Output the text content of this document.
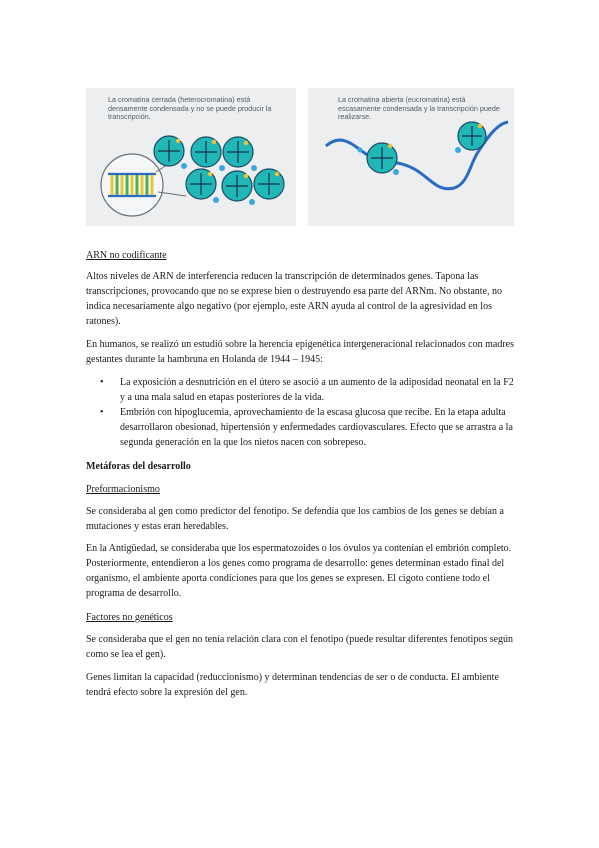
La cromatina cerrada (heterocromatina) está densamente condensada y no se puede producir la transcripción.
La cromatina abierta (eucromatina) está escasamente condensada y la transcripción puede realizarse.

ARN no codificante

Altos niveles de ARN de interferencia reducen la transcripción de determinados genes. Tapona las transcripciones, provocando que no se exprese bien o destruyendo esa parte del ARNm. No obstante, no indica necesariamente algo negativo (por ejemplo, este ARN ayuda al control de la agresividad en los ratones).

En humanos, se realizó un estudió sobre la herencia epigenética intergeneracional relacionados con madres gestantes durante la hambruna en Holanda de 1944 – 1945:

• La exposición a desnutrición en el útero se asoció a un aumento de la adiposidad neonatal en la F2 y a una mala salud en etapas posteriores de la vida.
• Embrión con hipoglucemia, aprovechamiento de la escasa glucosa que recibe. En la etapa adulta desarrollaron obesionad, hipertensión y enfermedades cardiovasculares. Efecto que se arrastra a la segunda generación en la que los nietos nacen con sobrepeso.

Metáforas del desarrollo

Preformacionismo

Se consideraba al gen como predictor del fenotipo. Se defendía que los cambios de los genes se debían a mutaciones y estas eran heredables.

En la Antigüedad, se consideraba que los espermatozoides o los óvulos ya contenían el embrión completo. Posteriormente, entendieron a los genes como programa de desarrollo: genes determinan estado final del organismo, el ambiente aporta condiciones para que los genes se expresen. El cigoto contiene todo el programa de desarrollo.

Factores no genéticos

Se consideraba que el gen no tenía relación clara con el fenotipo (puede resultar diferentes fenotipos según como se lea el gen).

Genes limitan la capacidad (reduccionismo) y determinan tendencias de ser o de conducta. El ambiente tendrá efecto sobre la expresión del gen.
